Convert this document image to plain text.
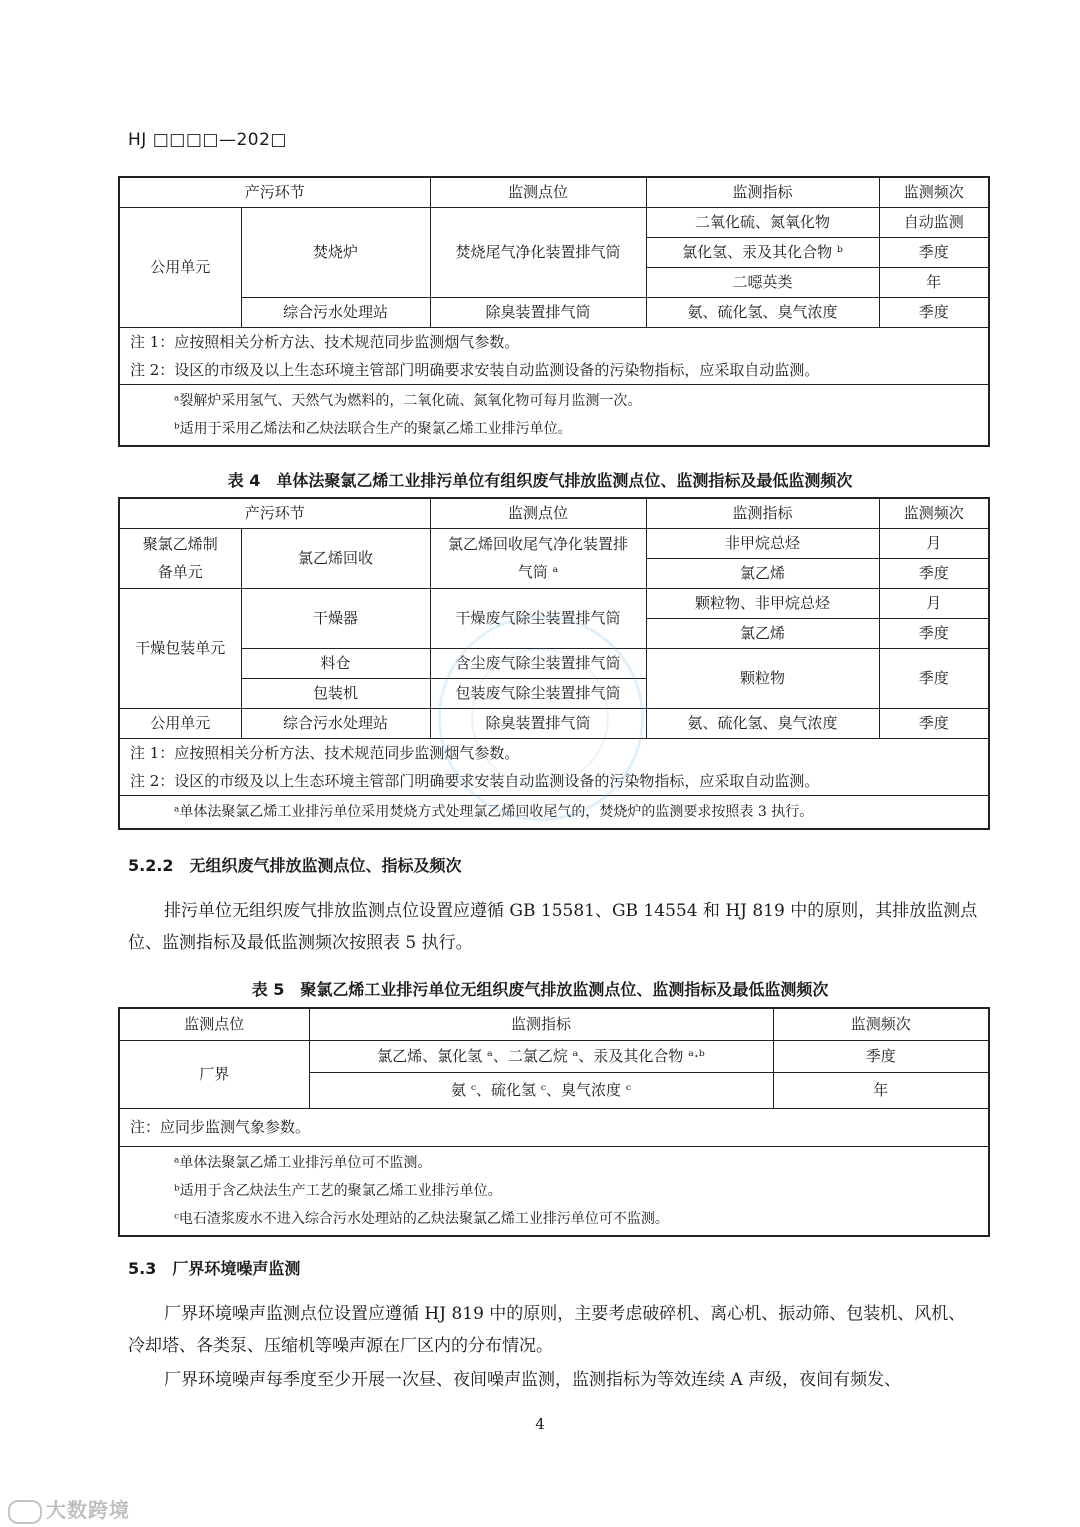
HJ □□□□—202□
产污环节		监测点位	监测指标	监测频次
公用单元	焚烧炉	焚烧尾气净化装置排气筒	二氧化硫、氮氧化物	自动监测
			氯化氢、汞及其化合物 ᵇ	季度
			二噁英类	年
	综合污水处理站	除臭装置排气筒	氨、硫化氢、臭气浓度	季度

注 1：应按照相关分析方法、技术规范同步监测烟气参数。
注 2：设区的市级及以上生态环境主管部门明确要求安装自动监测设备的污染物指标，应采取自动监测。				

ᵃ裂解炉采用氢气、天然气为燃料的，二氧化硫、氮氧化物可每月监测一次。
ᵇ适用于采用乙烯法和乙炔法联合生产的聚氯乙烯工业排污单位。				
表 4　单体法聚氯乙烯工业排污单位有组织废气排放监测点位、监测指标及最低监测频次
产污环节		监测点位	监测指标	监测频次
聚氯乙烯制备单元	氯乙烯回收	氯乙烯回收尾气净化装置排气筒 ᵃ	非甲烷总烃	月
			氯乙烯	季度
干燥包装单元	干燥器	干燥废气除尘装置排气筒	颗粒物、非甲烷总烃	月
			氯乙烯	季度
	料仓	含尘废气除尘装置排气筒	颗粒物	季度
	包装机	包装废气除尘装置排气筒		
公用单元	综合污水处理站	除臭装置排气筒	氨、硫化氢、臭气浓度	季度

注 1：应按照相关分析方法、技术规范同步监测烟气参数。
注 2：设区的市级及以上生态环境主管部门明确要求安装自动监测设备的污染物指标，应采取自动监测。				

ᵃ单体法聚氯乙烯工业排污单位采用焚烧方式处理氯乙烯回收尾气的，焚烧炉的监测要求按照表 3 执行。				
5.2.2　无组织废气排放监测点位、指标及频次
排污单位无组织废气排放监测点位设置应遵循 GB 15581、GB 14554 和 HJ 819 中的原则，其排放监测点位、监测指标及最低监测频次按照表 5 执行。
表 5　聚氯乙烯工业排污单位无组织废气排放监测点位、监测指标及最低监测频次
监测点位	监测指标	监测频次
厂界	氯乙烯、氯化氢 ᵃ、二氯乙烷 ᵃ、汞及其化合物 ᵃ·ᵇ	季度
	氨 ᶜ、硫化氢 ᶜ、臭气浓度 ᶜ	年
注：应同步监测气象参数。		

ᵃ单体法聚氯乙烯工业排污单位可不监测。
ᵇ适用于含乙炔法生产工艺的聚氯乙烯工业排污单位。
ᶜ电石渣浆废水不进入综合污水处理站的乙炔法聚氯乙烯工业排污单位可不监测。		
5.3　厂界环境噪声监测
厂界环境噪声监测点位设置应遵循 HJ 819 中的原则，主要考虑破碎机、离心机、振动筛、包装机、风机、冷却塔、各类泵、压缩机等噪声源在厂区内的分布情况。
厂界环境噪声每季度至少开展一次昼、夜间噪声监测，监测指标为等效连续 A 声级，夜间有频发、
4
大数跨境
